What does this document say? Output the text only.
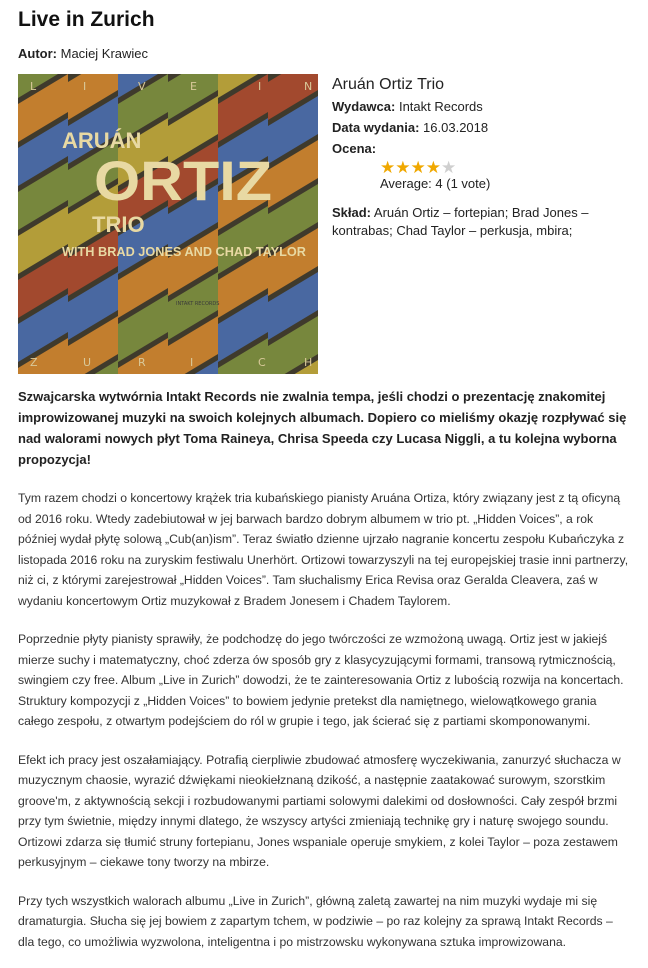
Live in Zurich
Autor: Maciej Krawiec
L	I	V	E	I	N
Z	U	R	I	C	H
ARUÁN
ORTIZ
TRIO
WITH BRAD JONES AND CHAD TAYLOR
INTAKT RECORDS
Aruán Ortiz Trio
Wydawca: Intakt Records
Data wydania: 16.03.2018
Ocena:
★ ★ ★ ★ ★
Average: 4 (1 vote)
Skład: Aruán Ortiz – fortepian; Brad Jones – kontrabas; Chad Taylor – perkusja, mbira;
Szwajcarska wytwórnia Intakt Records nie zwalnia tempa, jeśli chodzi o prezentację znakomitej improwizowanej muzyki na swoich kolejnych albumach. Dopiero co mieliśmy okazję rozpływać się nad walorami nowych płyt Toma Raineya, Chrisa Speeda czy Lucasa Niggli, a tu kolejna wyborna propozycja!
Tym razem chodzi o koncertowy krążek tria kubańskiego pianisty Aruána Ortiza, który związany jest z tą oficyną od 2016 roku. Wtedy zadebiutował w jej barwach bardzo dobrym albumem w trio pt. „Hidden Voices”, a rok później wydał płytę solową „Cub(an)ism”. Teraz światło dzienne ujrzało nagranie koncertu zespołu Kubańczyka z listopada 2016 roku na zuryskim festiwalu Unerhört. Ortizowi towarzyszyli na tej europejskiej trasie inni partnerzy, niż ci, z którymi zarejestrował „Hidden Voices”. Tam słuchalismy Erica Revisa oraz Geralda Cleavera, zaś w wydaniu koncertowym Ortiz muzykował z Bradem Jonesem i Chadem Taylorem.
Poprzednie płyty pianisty sprawiły, że podchodzę do jego twórczości ze wzmożoną uwagą. Ortiz jest w jakiejś mierze suchy i matematyczny, choć zderza ów sposób gry z klasycyzującymi formami, transową rytmicznością, swingiem czy free. Album „Live in Zurich” dowodzi, że te zainteresowania Ortiz z lubością rozwija na koncertach. Struktury kompozycji z „Hidden Voices” to bowiem jedynie pretekst dla namiętnego, wielowątkowego grania całego zespołu, z otwartym podejściem do ról w grupie i tego, jak ścierać się z partiami skomponowanymi.
Efekt ich pracy jest oszałamiający. Potrafią cierpliwie zbudować atmosferę wyczekiwania, zanurzyć słuchacza w muzycznym chaosie, wyrazić dźwiękami nieokiełznaną dzikość, a następnie zaatakować surowym, szorstkim groove'm, z aktywnością sekcji i rozbudowanymi partiami solowymi dalekimi od dosłowności. Cały zespół brzmi przy tym świetnie, między innymi dlatego, że wszyscy artyści zmieniają technikę gry i naturę swojego soundu. Ortizowi zdarza się tłumić struny fortepianu, Jones wspaniale operuje smykiem, z kolei Taylor – poza zestawem perkusyjnym – ciekawe tony tworzy na mbirze.
Przy tych wszystkich walorach albumu „Live in Zurich”, główną zaletą zawartej na nim muzyki wydaje mi się dramaturgia. Słucha się jej bowiem z zapartym tchem, w podziwie – po raz kolejny za sprawą Intakt Records – dla tego, co umożliwia wyzwolona, inteligentna i po mistrzowsku wykonywana sztuka improwizowana.
